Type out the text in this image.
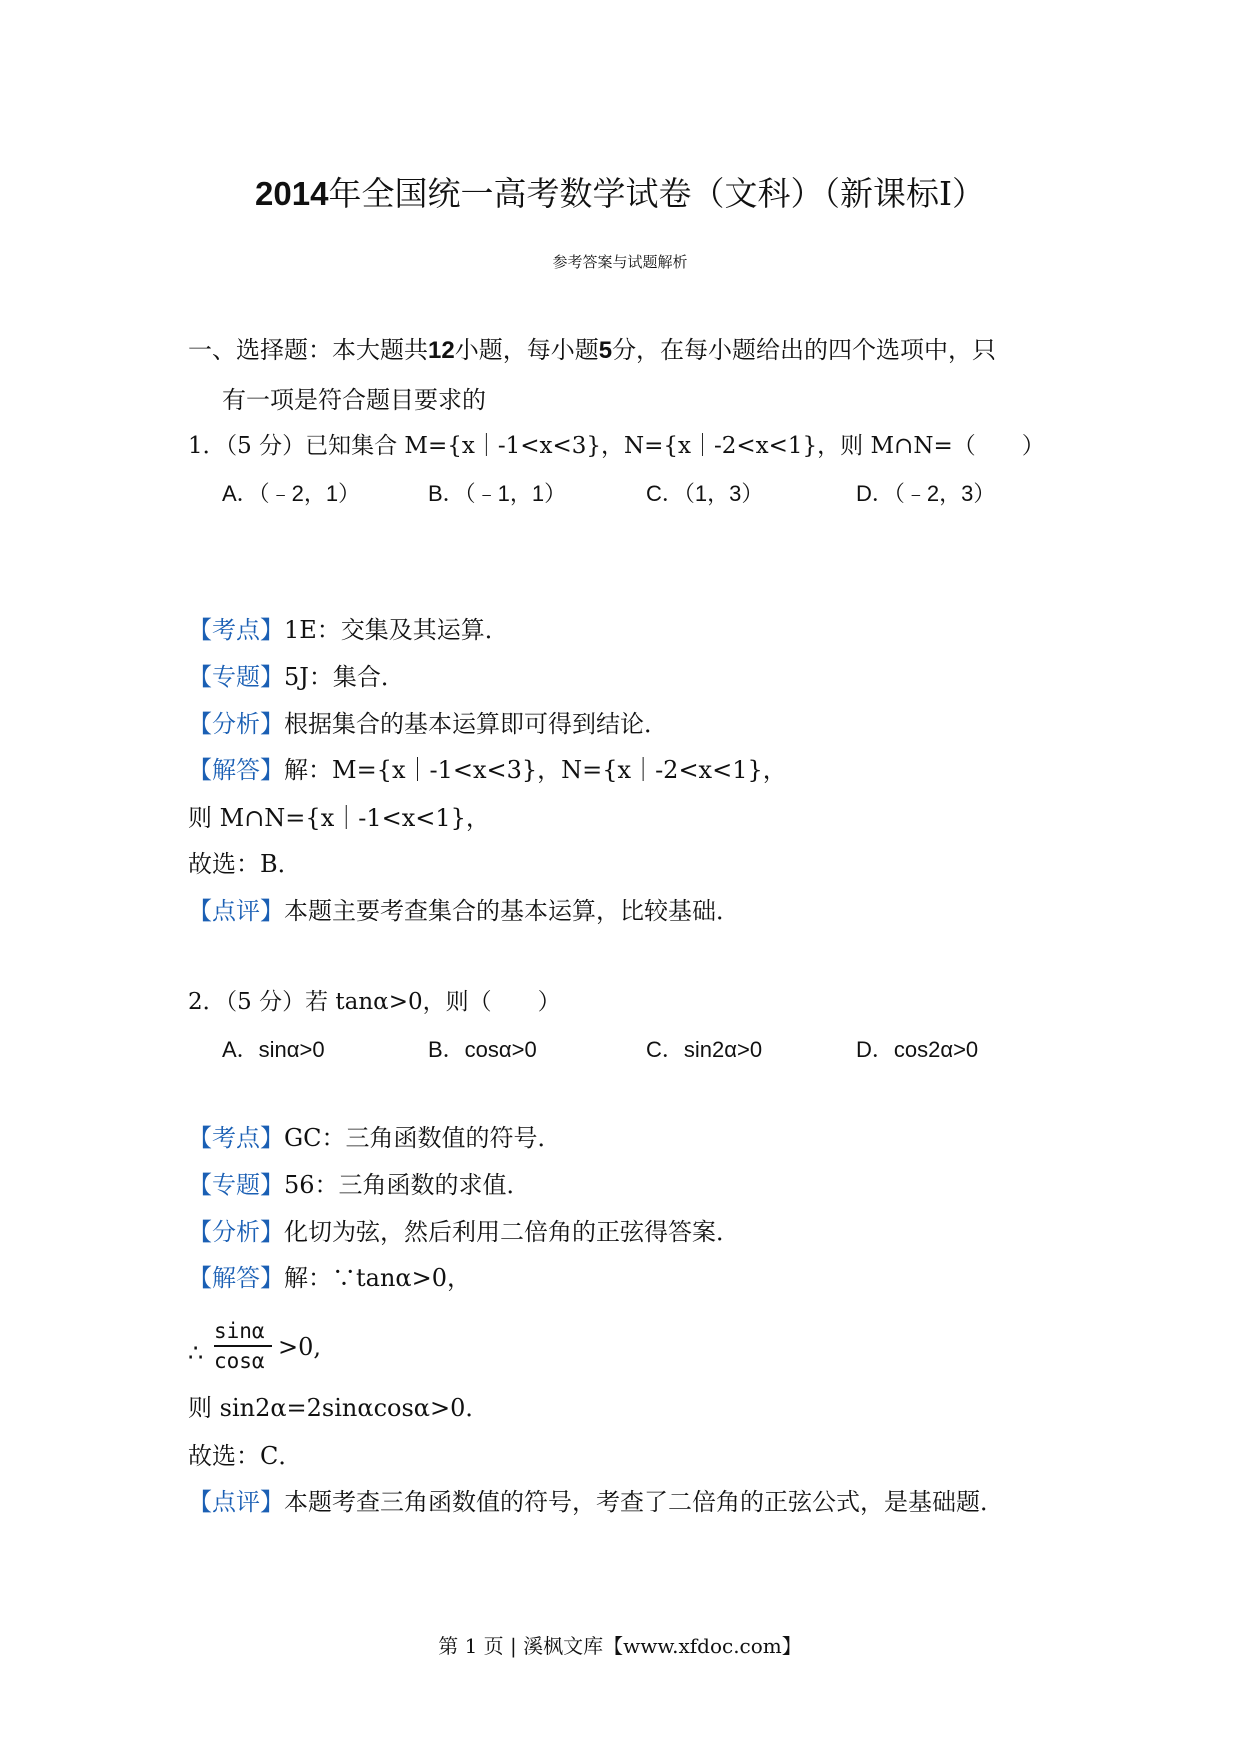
2014年全国统一高考数学试卷（文科）（新课标Ⅰ）
参考答案与试题解析
一、选择题：本大题共12小题，每小题5分，在每小题给出的四个选项中，只
有一项是符合题目要求的
1．（5 分）已知集合 M={x｜‐1<x<3}，N={x｜‐2<x<1}，则 M∩N=（　　）
A．（﹣2，1）	B．（﹣1，1）	C．（1，3）	D．（﹣2，3）
【考点】1E：交集及其运算．
【专题】5J：集合．
【分析】根据集合的基本运算即可得到结论．
【解答】解：M={x｜‐1<x<3}，N={x｜‐2<x<1}，
则 M∩N={x｜‐1<x<1}，
故选：B．
【点评】本题主要考查集合的基本运算，比较基础．
2．（5 分）若 tanα>0，则（　　）
A．sinα>0	B．cosα>0	C．sin2α>0	D．cos2α>0
【考点】GC：三角函数值的符号．
【专题】56：三角函数的求值．
【分析】化切为弦，然后利用二倍角的正弦得答案．
【解答】解：∵tanα>0，
∴
sinα
cosα >0,
则 sin2α=2sinαcosα>0．
故选：C．
【点评】本题考查三角函数值的符号，考查了二倍角的正弦公式，是基础题．
第 1 页 | 溪枫文库【www.xfdoc.com】
